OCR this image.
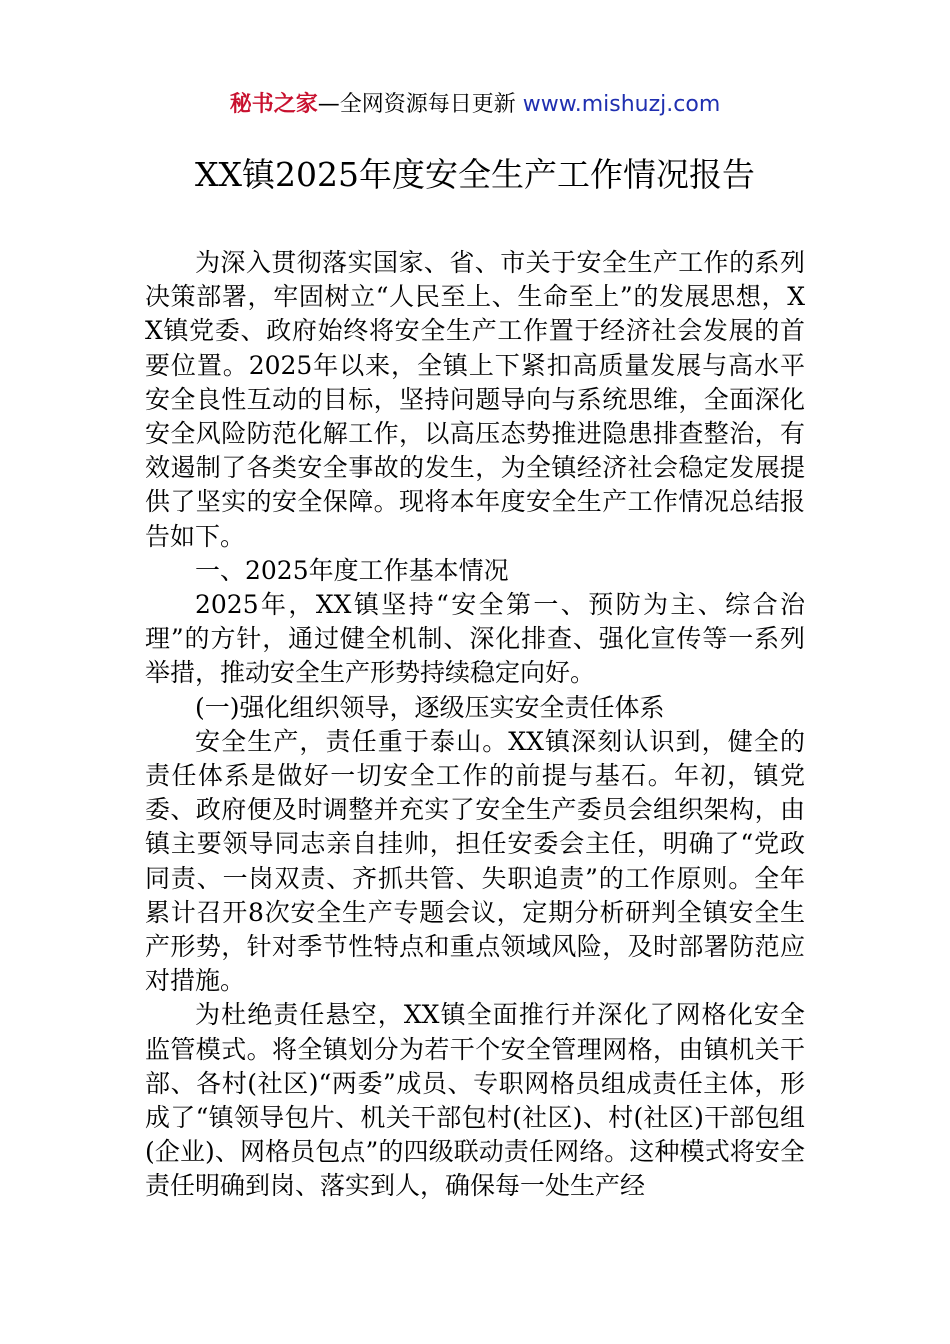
秘书之家—全网资源每日更新 www.mishuzj.com
XX镇2025年度安全生产工作情况报告

为深入贯彻落实国家、省、市关于安全生产工作的系列决策部署，牢固树立“人民至上、生命至上”的发展思想，XX镇党委、政府始终将安全生产工作置于经济社会发展的首要位置。2025年以来，全镇上下紧扣高质量发展与高水平安全良性互动的目标，坚持问题导向与系统思维，全面深化安全风险防范化解工作，以高压态势推进隐患排查整治，有效遏制了各类安全事故的发生，为全镇经济社会稳定发展提供了坚实的安全保障。现将本年度安全生产工作情况总结报告如下。

一、2025年度工作基本情况

2025年，XX镇坚持“安全第一、预防为主、综合治理”的方针，通过健全机制、深化排查、强化宣传等一系列举措，推动安全生产形势持续稳定向好。

(一)强化组织领导，逐级压实安全责任体系

安全生产，责任重于泰山。XX镇深刻认识到，健全的责任体系是做好一切安全工作的前提与基石。年初，镇党委、政府便及时调整并充实了安全生产委员会组织架构，由镇主要领导同志亲自挂帅，担任安委会主任，明确了“党政同责、一岗双责、齐抓共管、失职追责”的工作原则。全年累计召开8次安全生产专题会议，定期分析研判全镇安全生产形势，针对季节性特点和重点领域风险，及时部署防范应对措施。

为杜绝责任悬空，XX镇全面推行并深化了网格化安全监管模式。将全镇划分为若干个安全管理网格，由镇机关干部、各村(社区)“两委”成员、专职网格员组成责任主体，形成了“镇领导包片、机关干部包村(社区)、村(社区)干部包组(企业)、网格员包点”的四级联动责任网络。这种模式将安全责任明确到岗、落实到人，确保每一处生产经
